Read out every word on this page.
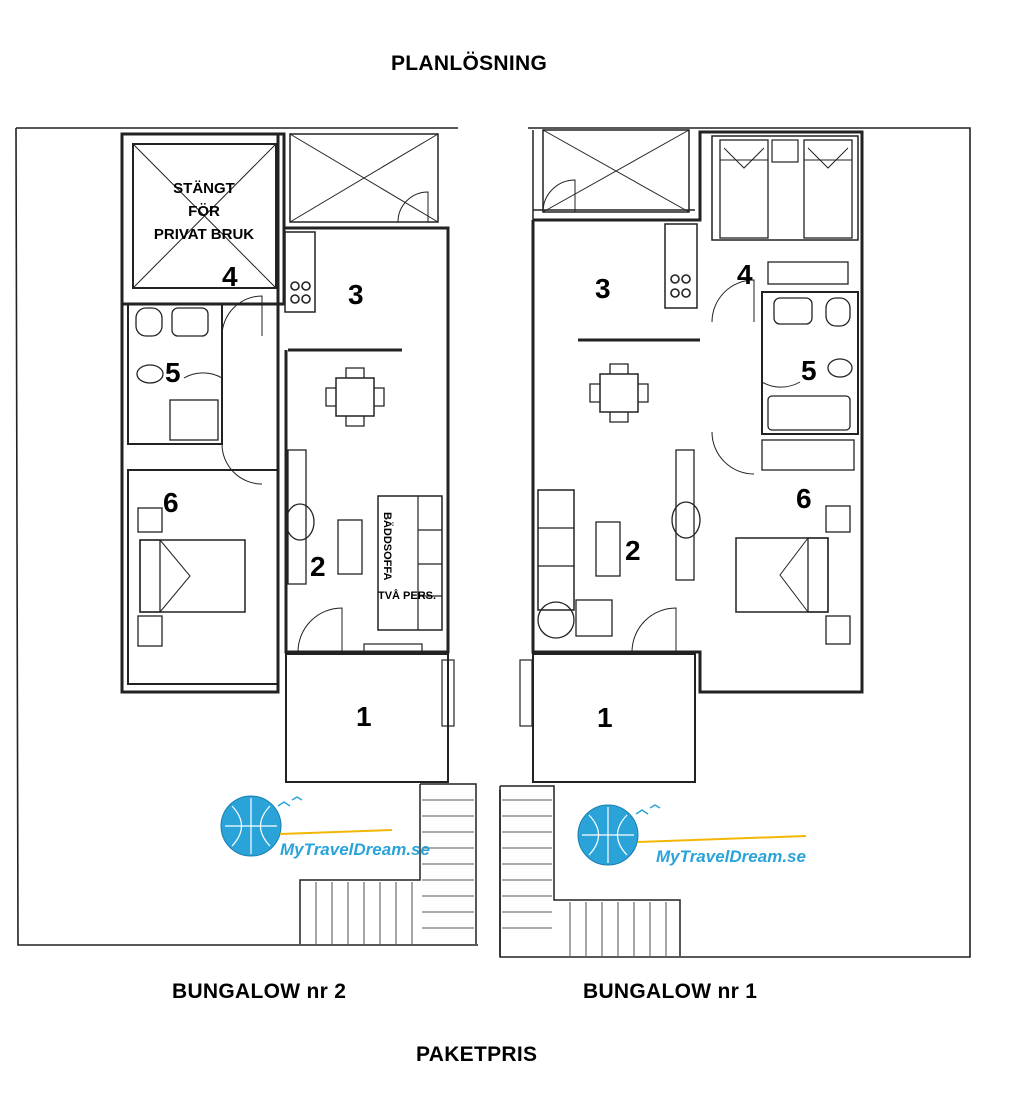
PLANLÖSNING
6
2
3
4
5
1
3	4
5
6
2
1
STÄNGT
FÖR
PRIVAT BRUK
BÄDDSOFFA
TVÅ PERS.
MyTravelDream.se	MyTravelDream.se
BUNGALOW nr 2	BUNGALOW nr 1
PAKETPRIS
